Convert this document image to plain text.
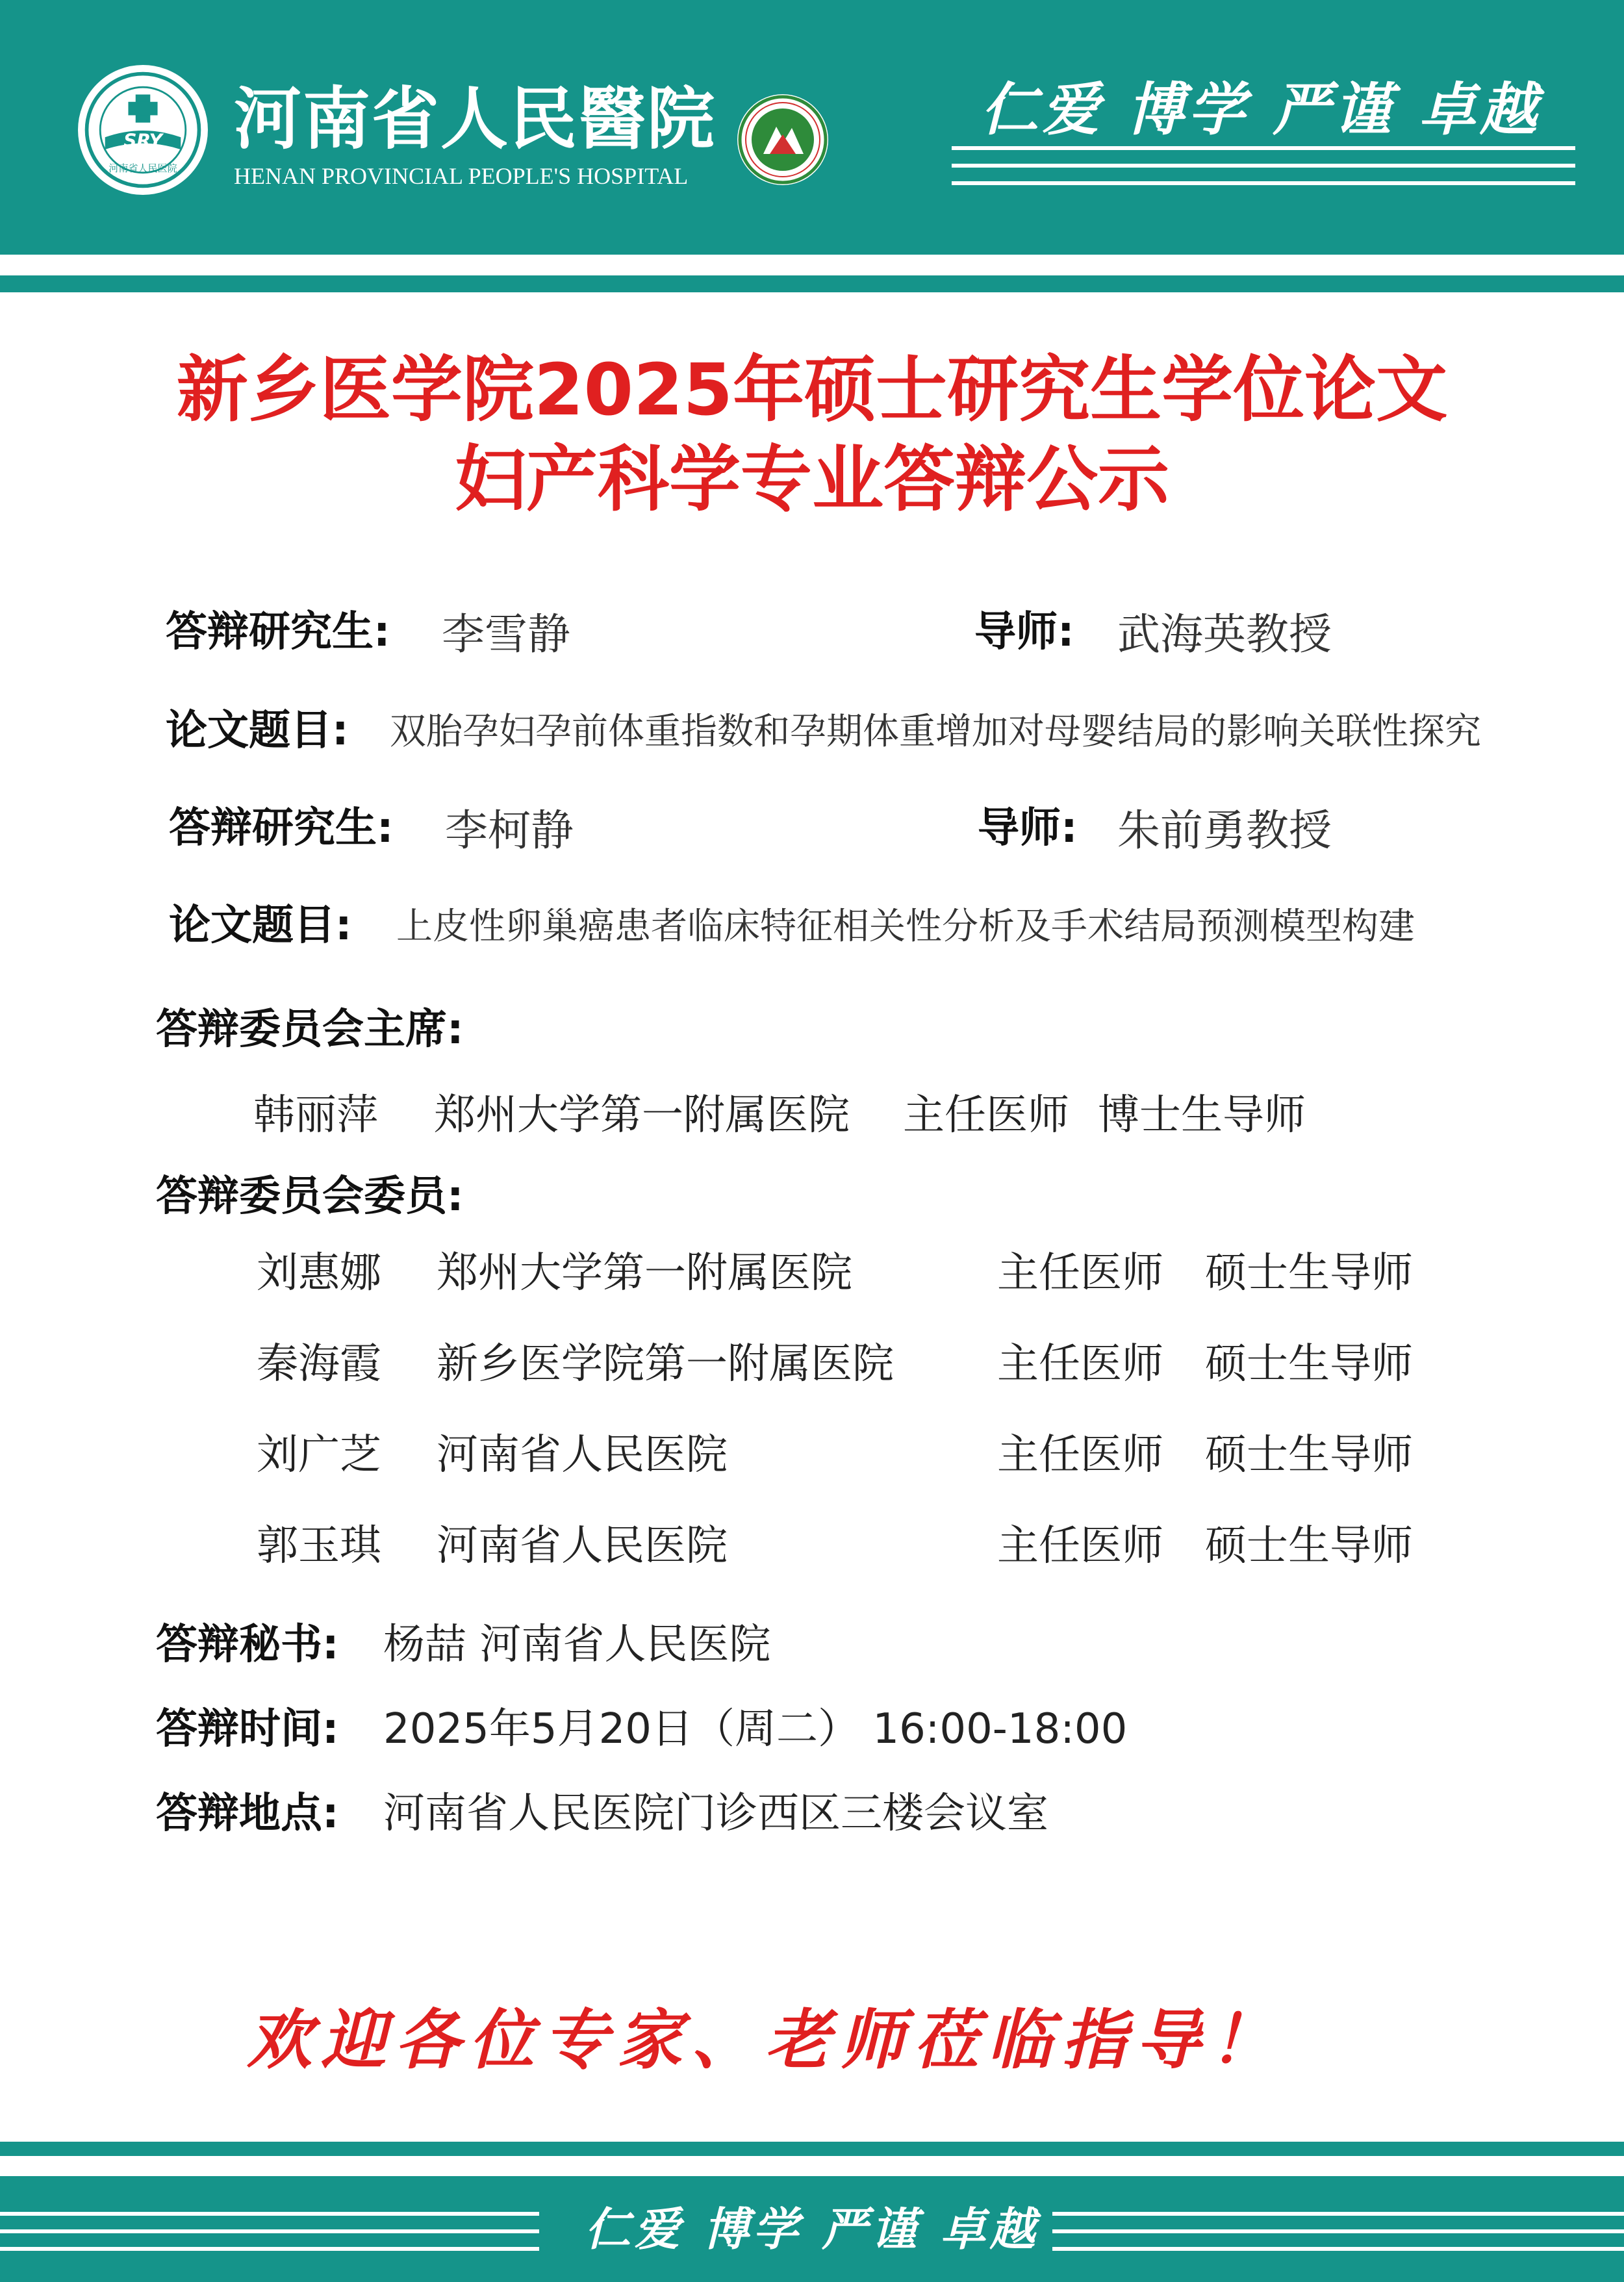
SRY
河南省人民医院
河南省人民醫院
HENAN PROVINCIAL PEOPLE'S HOSPITAL
仁爱 博学 严谨 卓越
新乡医学院2025年硕士研究生学位论文
妇产科学专业答辩公示
答辩研究生: 李雪静	导师: 武海英教授
论文题目: 双胎孕妇孕前体重指数和孕期体重增加对母婴结局的影响关联性探究
答辩研究生: 李柯静	导师: 朱前勇教授
论文题目: 上皮性卵巢癌患者临床特征相关性分析及手术结局预测模型构建
答辩委员会主席:
韩丽萍 郑州大学第一附属医院 主任医师 博士生导师
答辩委员会委员:
刘惠娜 郑州大学第一附属医院	主任医师 硕士生导师
秦海霞 新乡医学院第一附属医院 主任医师 硕士生导师
刘广芝 河南省人民医院	主任医师 硕士生导师
郭玉琪 河南省人民医院	主任医师 硕士生导师
答辩秘书: 杨喆 河南省人民医院
答辩时间: 2025年5月20日（周二） 16:00-18:00
答辩地点: 河南省人民医院门诊西区三楼会议室
欢迎各位专家、老师莅临指导！
仁爱 博学 严谨 卓越
